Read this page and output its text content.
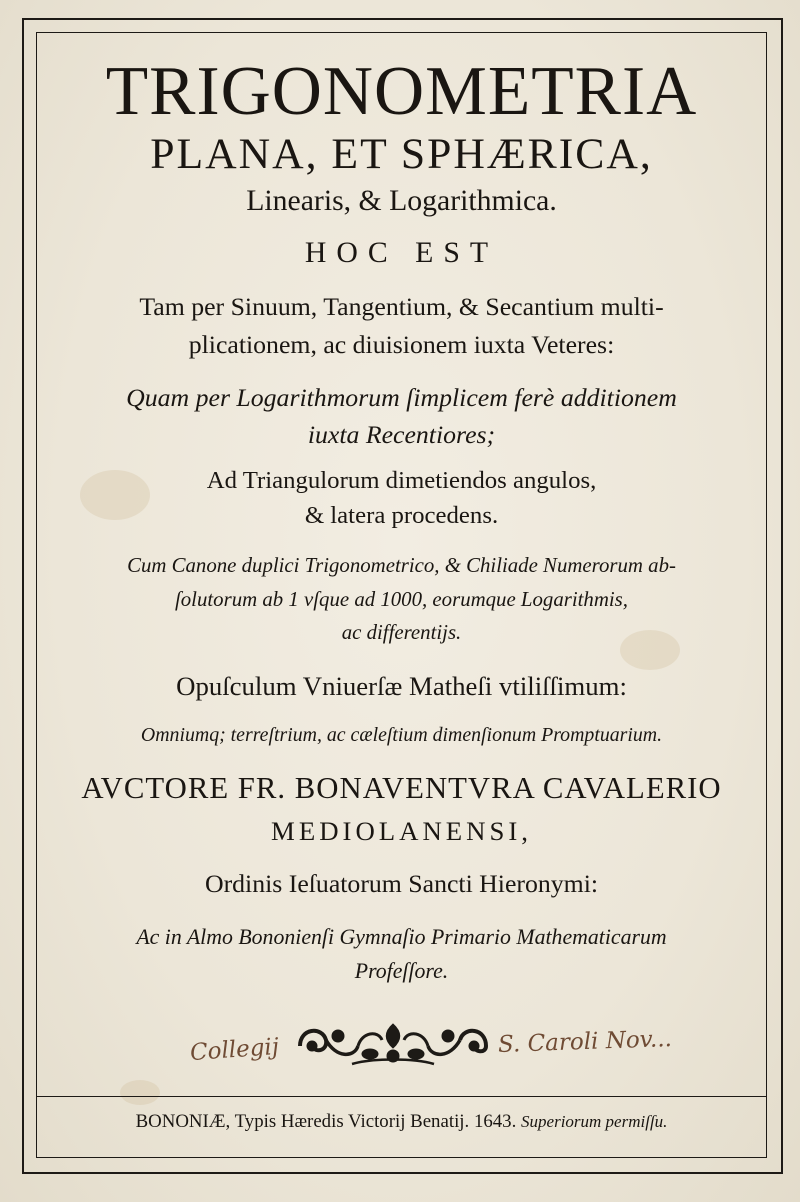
TRIGONOMETRIA
PLANA, ET SPHÆRICA,
Linearis, & Logarithmica.
HOC EST
Tam per Sinuum, Tangentium, & Secantium multi-
plicationem, ac diuisionem iuxta Veteres:
Quam per Logarithmorum ſimplicem ferè additionem
iuxta Recentiores;
Ad Triangulorum dimetiendos angulos,
& latera procedens.
Cum Canone duplici Trigonometrico, & Chiliade Numerorum ab-
ſolutorum ab 1 vſque ad 1000, eorumque Logarithmis,
ac differentijs.
Opuſculum Vniuerſæ Matheſi vtiliſſimum:
Omniumq; terreſtrium, ac cæleſtium dimenſionum Promptuarium.
AVCTORE FR. BONAVENTVRA CAVALERIO
MEDIOLANENSI,
Ordinis Ieſuatorum Sancti Hieronymi:
Ac in Almo Bononienſi Gymnaſio Primario Mathematicarum
Profeſſore.
Collegij	S. Caroli Nov...
BONONIÆ, Typis Hæredis Victorij Benatij. 1643. Superiorum permiſſu.
